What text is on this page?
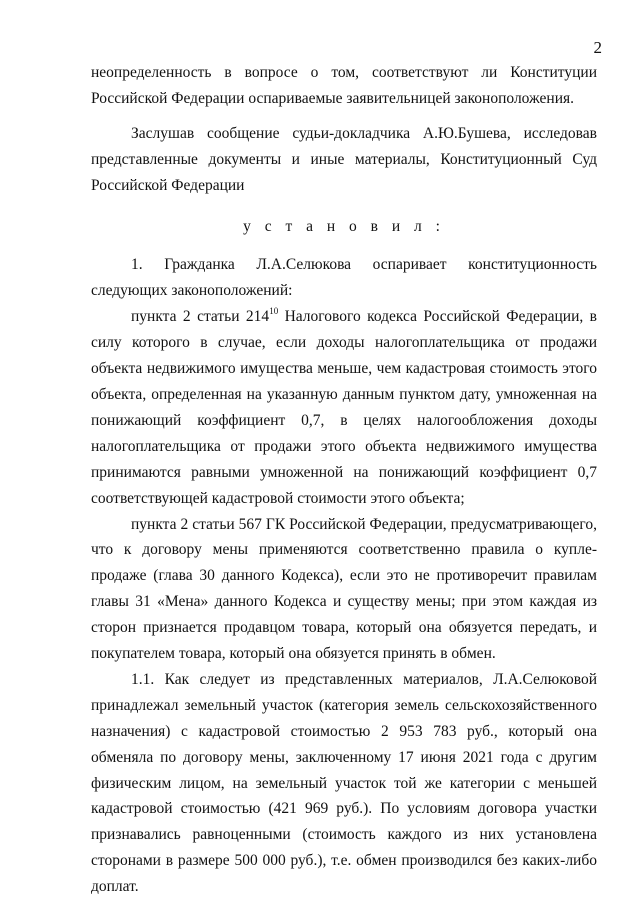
2

неопределенность в вопросе о том, соответствуют ли Конституции Российской Федерации оспариваемые заявительницей законоположения.

Заслушав сообщение судьи-докладчика А.Ю.Бушева, исследовав представленные документы и иные материалы, Конституционный Суд Российской Федерации

у с т а н о в и л :

1. Гражданка Л.А.Селюкова оспаривает конституционность следующих законоположений:

пункта 2 статьи $214^{10}$ Налогового кодекса Российской Федерации, в силу которого в случае, если доходы налогоплательщика от продажи объекта недвижимого имущества меньше, чем кадастровая стоимость этого объекта, определенная на указанную данным пунктом дату, умноженная на понижающий коэффициент 0,7, в целях налогообложения доходы налогоплательщика от продажи этого объекта недвижимого имущества принимаются равными умноженной на понижающий коэффициент 0,7 соответствующей кадастровой стоимости этого объекта;

пункта 2 статьи 567 ГК Российской Федерации, предусматривающего, что к договору мены применяются соответственно правила о купле-продаже (глава 30 данного Кодекса), если это не противоречит правилам главы 31 «Мена» данного Кодекса и существу мены; при этом каждая из сторон признается продавцом товара, который она обязуется передать, и покупателем товара, который она обязуется принять в обмен.

1.1. Как следует из представленных материалов, Л.А.Селюковой принадлежал земельный участок (категория земель сельскохозяйственного назначения) с кадастровой стоимостью 2 953 783 руб., который она обменяла по договору мены, заключенному 17 июня 2021 года с другим физическим лицом, на земельный участок той же категории с меньшей кадастровой стоимостью (421 969 руб.). По условиям договора участки признавались равноценными (стоимость каждого из них установлена сторонами в размере 500 000 руб.), т.е. обмен производился без каких-либо доплат.
